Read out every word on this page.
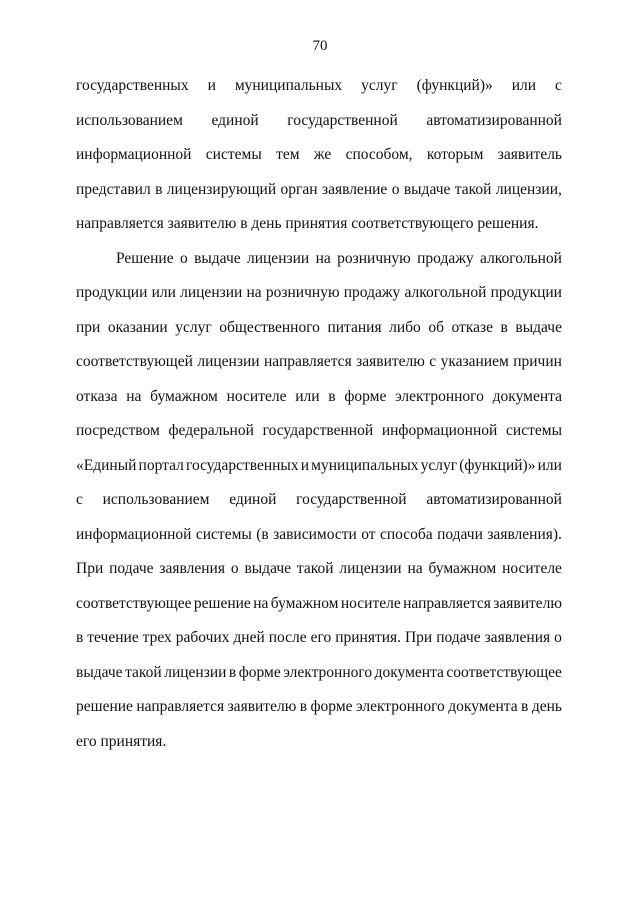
70
государственных и муниципальных услуг (функций)» или с
использованием единой государственной автоматизированной
информационной системы тем же способом, которым заявитель
представил в лицензирующий орган заявление о выдаче такой лицензии,
направляется заявителю в день принятия соответствующего решения.
Решение о выдаче лицензии на розничную продажу алкогольной
продукции или лицензии на розничную продажу алкогольной продукции
при оказании услуг общественного питания либо об отказе в выдаче
соответствующей лицензии направляется заявителю с указанием причин
отказа на бумажном носителе или в форме электронного документа
посредством федеральной государственной информационной системы
«Единый портал государственных и муниципальных услуг (функций)» или
с использованием единой государственной автоматизированной
информационной системы (в зависимости от способа подачи заявления).
При подаче заявления о выдаче такой лицензии на бумажном носителе
соответствующее решение на бумажном носителе направляется заявителю
в течение трех рабочих дней после его принятия. При подаче заявления о
выдаче такой лицензии в форме электронного документа соответствующее
решение направляется заявителю в форме электронного документа в день
его принятия.
